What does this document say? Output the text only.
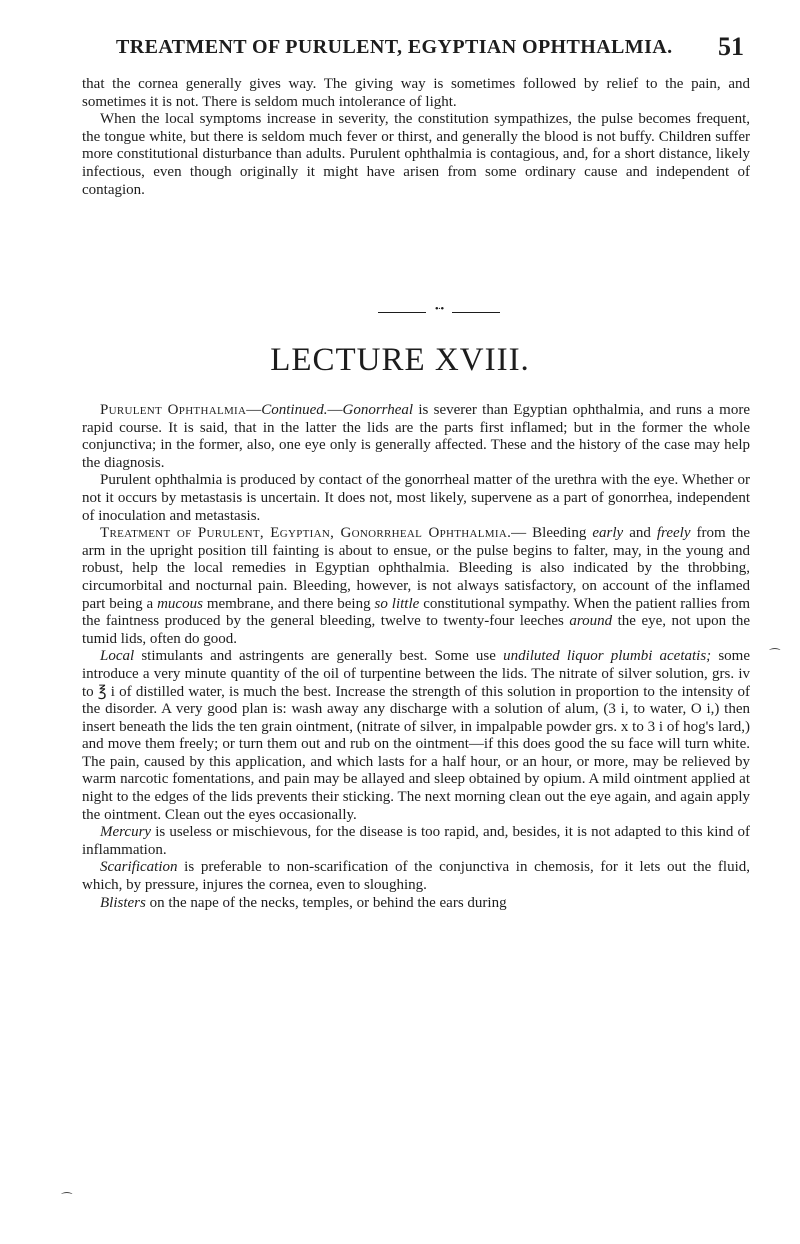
TREATMENT OF PURULENT, EGYPTIAN OPHTHALMIA. 51

that the cornea generally gives way. The giving way is sometimes followed by relief to the pain, and sometimes it is not. There is seldom much intolerance of light.

When the local symptoms increase in severity, the constitution sympathizes, the pulse becomes frequent, the tongue white, but there is seldom much fever or thirst, and generally the blood is not buffy. Children suffer more constitutional disturbance than adults. Purulent ophthalmia is contagious, and, for a short distance, likely infectious, even though originally it might have arisen from some ordinary cause and independent of contagion.

•·•
LECTURE XVIII.

Purulent Ophthalmia—Continued.—Gonorrheal is severer than Egyptian ophthalmia, and runs a more rapid course. It is said, that in the latter the lids are the parts first inflamed; but in the former the whole conjunctiva; in the former, also, one eye only is generally affected. These and the history of the case may help the diagnosis.

Purulent ophthalmia is produced by contact of the gonorrheal matter of the urethra with the eye. Whether or not it occurs by metastasis is uncertain. It does not, most likely, supervene as a part of gonorrhea, independent of inoculation and metastasis.

Treatment of Purulent, Egyptian, Gonorrheal Ophthalmia.— Bleeding early and freely from the arm in the upright position till fainting is about to ensue, or the pulse begins to falter, may, in the young and robust, help the local remedies in Egyptian ophthalmia. Bleeding is also indicated by the throbbing, circumorbital and nocturnal pain. Bleeding, however, is not always satisfactory, on account of the inflamed part being a mucous membrane, and there being so little constitutional sympathy. When the patient rallies from the faintness produced by the general bleeding, twelve to twenty-four leeches around the eye, not upon the tumid lids, often do good.

Local stimulants and astringents are generally best. Some use undiluted liquor plumbi acetatis; some introduce a very minute quantity of the oil of turpentine between the lids. The nitrate of silver solution, grs. iv to ℥ i of distilled water, is much the best. Increase the strength of this solution in proportion to the intensity of the disorder. A very good plan is: wash away any discharge with a solution of alum, (3 i, to water, O i,) then insert beneath the lids the ten grain ointment, (nitrate of silver, in impalpable powder grs. x to 3 i of hog's lard,) and move them freely; or turn them out and rub on the ointment—if this does good the su face will turn white. The pain, caused by this application, and which lasts for a half hour, or an hour, or more, may be relieved by warm narcotic fomentations, and pain may be allayed and sleep obtained by opium. A mild ointment applied at night to the edges of the lids prevents their sticking. The next morning clean out the eye again, and again apply the ointment. Clean out the eyes occasionally.

Mercury is useless or mischievous, for the disease is too rapid, and, besides, it is not adapted to this kind of inflammation.

Scarification is preferable to non-scarification of the conjunctiva in chemosis, for it lets out the fluid, which, by pressure, injures the cornea, even to sloughing.

Blisters on the nape of the necks, temples, or behind the ears during

⁀
⁀
